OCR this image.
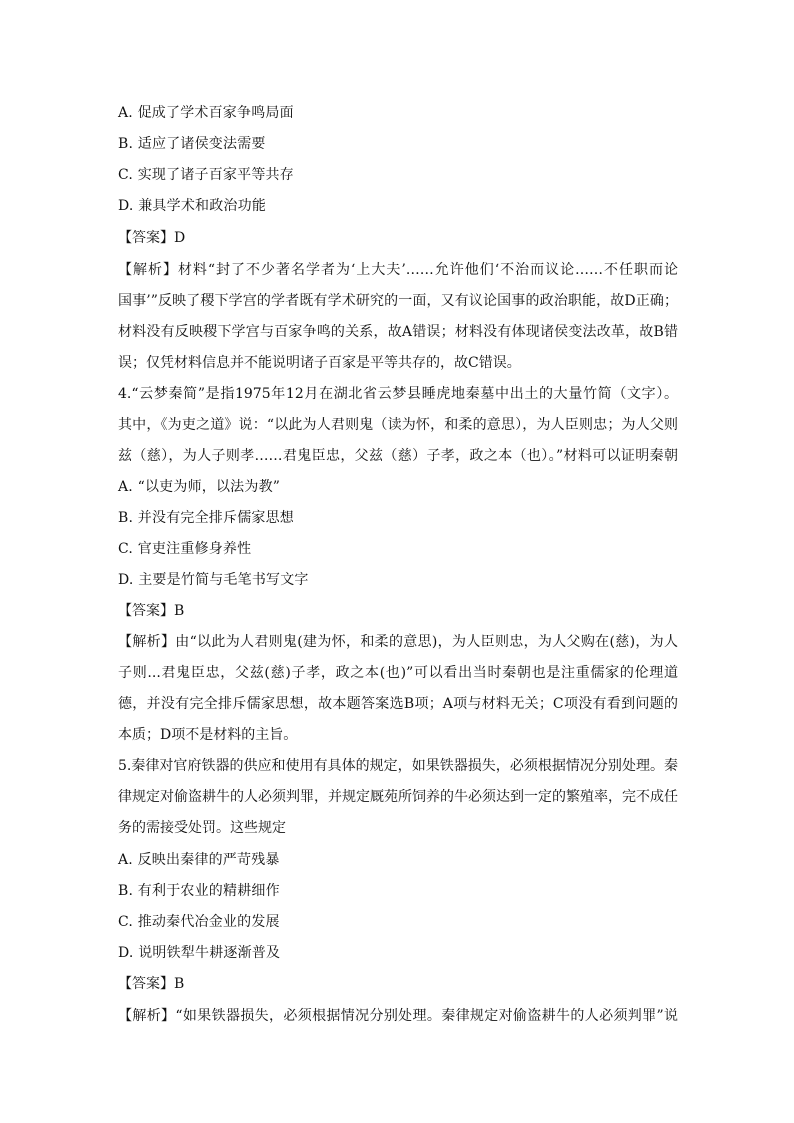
A. 促成了学术百家争鸣局面
B. 适应了诸侯变法需要
C. 实现了诸子百家平等共存
D. 兼具学术和政治功能
【答案】D
【解析】材料“封了不少著名学者为‘上大夫’……允许他们‘不治而议论……不任职而论
国事’”反映了稷下学宫的学者既有学术研究的一面，又有议论国事的政治职能，故D正确；
材料没有反映稷下学宫与百家争鸣的关系，故A错误；材料没有体现诸侯变法改革，故B错
误；仅凭材料信息并不能说明诸子百家是平等共存的，故C错误。
4.“云梦秦简”是指1975年12月在湖北省云梦县睡虎地秦墓中出土的大量竹简（文字）。
其中，《为吏之道》说：“以此为人君则鬼（读为怀，和柔的意思），为人臣则忠；为人父则
兹（慈），为人子则孝……君鬼臣忠，父兹（慈）子孝，政之本（也）。”材料可以证明秦朝
A. “以吏为师，以法为教”
B. 并没有完全排斥儒家思想
C. 官吏注重修身养性
D. 主要是竹简与毛笔书写文字
【答案】B
【解析】由“以此为人君则鬼(建为怀，和柔的意思)，为人臣则忠，为人父购在(慈)，为人
子则...君鬼臣忠，父兹(慈)子孝，政之本(也)”可以看出当时秦朝也是注重儒家的伦理道
德，并没有完全排斥儒家思想，故本题答案选B项；A项与材料无关；C项没有看到问题的
本质；D项不是材料的主旨。
5.秦律对官府铁器的供应和使用有具体的规定，如果铁器损失，必须根据情况分别处理。秦
律规定对偷盗耕牛的人必须判罪，并规定厩苑所饲养的牛必须达到一定的繁殖率，完不成任
务的需接受处罚。这些规定
A. 反映出秦律的严苛残暴
B. 有利于农业的精耕细作
C. 推动秦代冶金业的发展
D. 说明铁犁牛耕逐渐普及
【答案】B
【解析】“如果铁器损失，必须根据情况分别处理。秦律规定对偷盗耕牛的人必须判罪”说
